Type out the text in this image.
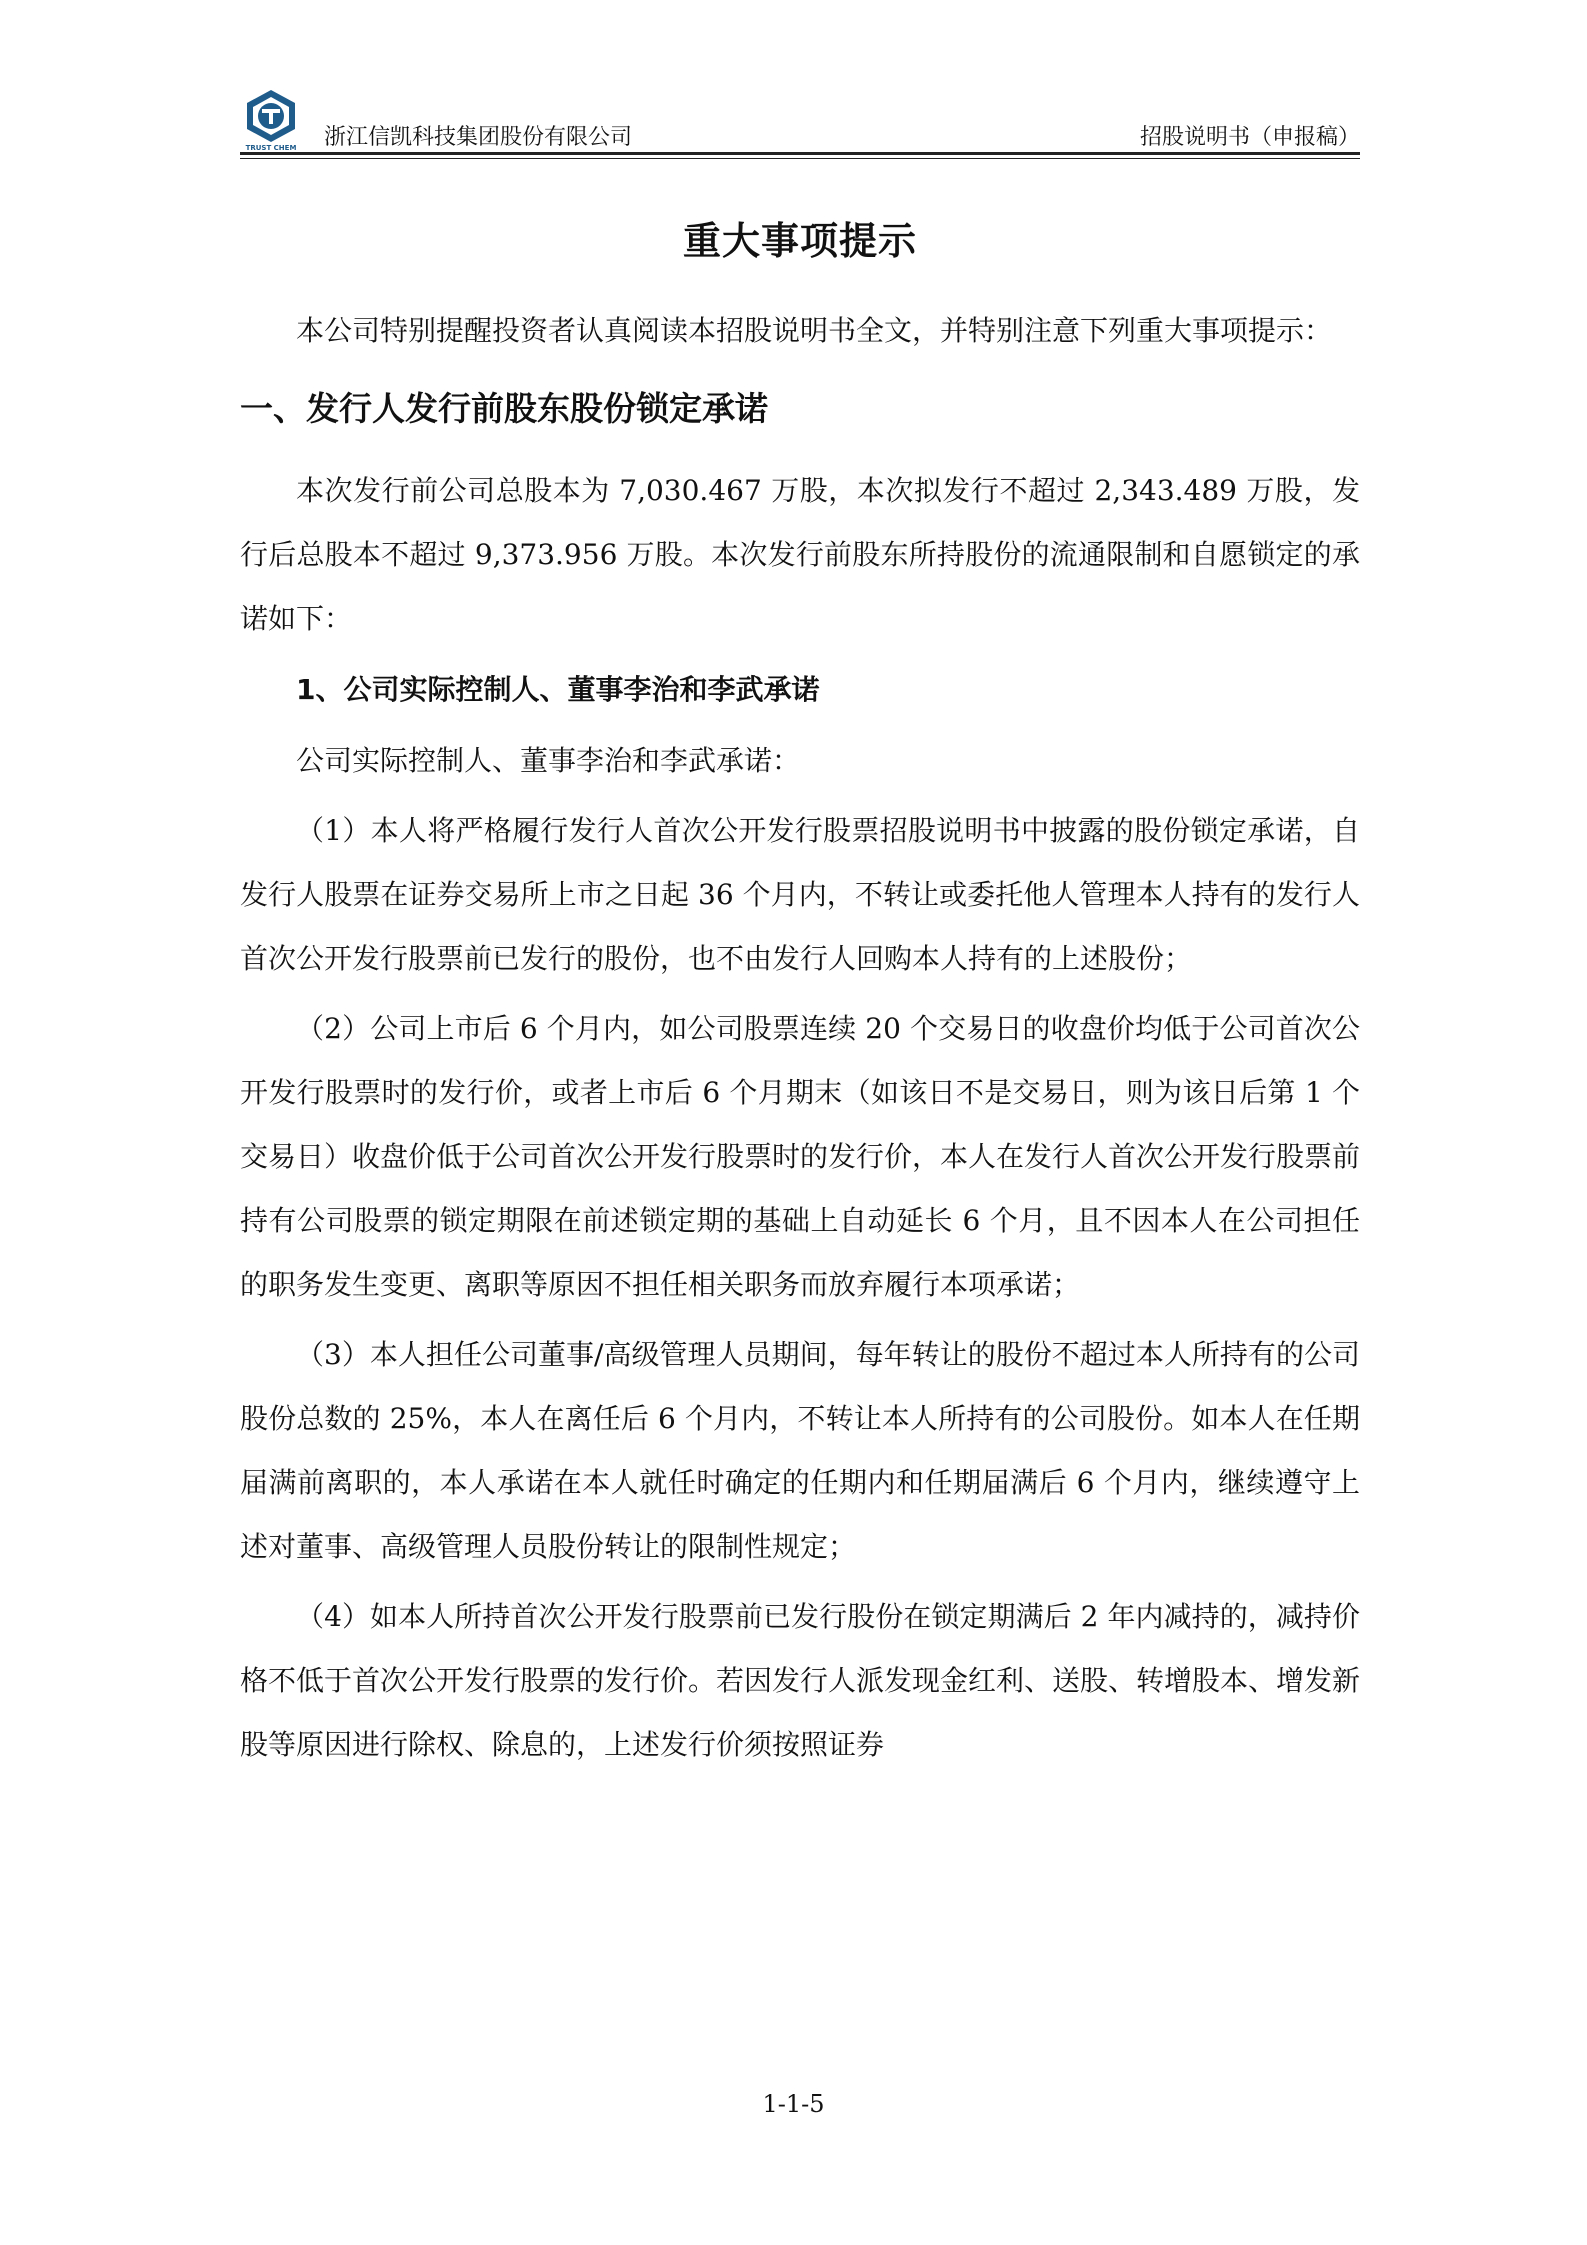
TRUST CHEM 浙江信凯科技集团股份有限公司	招股说明书（申报稿）
重大事项提示

本公司特别提醒投资者认真阅读本招股说明书全文，并特别注意下列重大事项提示：

一、发行人发行前股东股份锁定承诺

本次发行前公司总股本为 7,030.467 万股，本次拟发行不超过 2,343.489 万股，发行后总股本不超过 9,373.956 万股。本次发行前股东所持股份的流通限制和自愿锁定的承诺如下：

1、公司实际控制人、董事李治和李武承诺

公司实际控制人、董事李治和李武承诺：

（1）本人将严格履行发行人首次公开发行股票招股说明书中披露的股份锁定承诺，自发行人股票在证券交易所上市之日起 36 个月内，不转让或委托他人管理本人持有的发行人首次公开发行股票前已发行的股份，也不由发行人回购本人持有的上述股份；

（2）公司上市后 6 个月内，如公司股票连续 20 个交易日的收盘价均低于公司首次公开发行股票时的发行价，或者上市后 6 个月期末（如该日不是交易日，则为该日后第 1 个交易日）收盘价低于公司首次公开发行股票时的发行价，本人在发行人首次公开发行股票前持有公司股票的锁定期限在前述锁定期的基础上自动延长 6 个月，且不因本人在公司担任的职务发生变更、离职等原因不担任相关职务而放弃履行本项承诺；

（3）本人担任公司董事/高级管理人员期间，每年转让的股份不超过本人所持有的公司股份总数的 25%，本人在离任后 6 个月内，不转让本人所持有的公司股份。如本人在任期届满前离职的，本人承诺在本人就任时确定的任期内和任期届满后 6 个月内，继续遵守上述对董事、高级管理人员股份转让的限制性规定；

（4）如本人所持首次公开发行股票前已发行股份在锁定期满后 2 年内减持的，减持价格不低于首次公开发行股票的发行价。若因发行人派发现金红利、送股、转增股本、增发新股等原因进行除权、除息的，上述发行价须按照证券

1-1-5
